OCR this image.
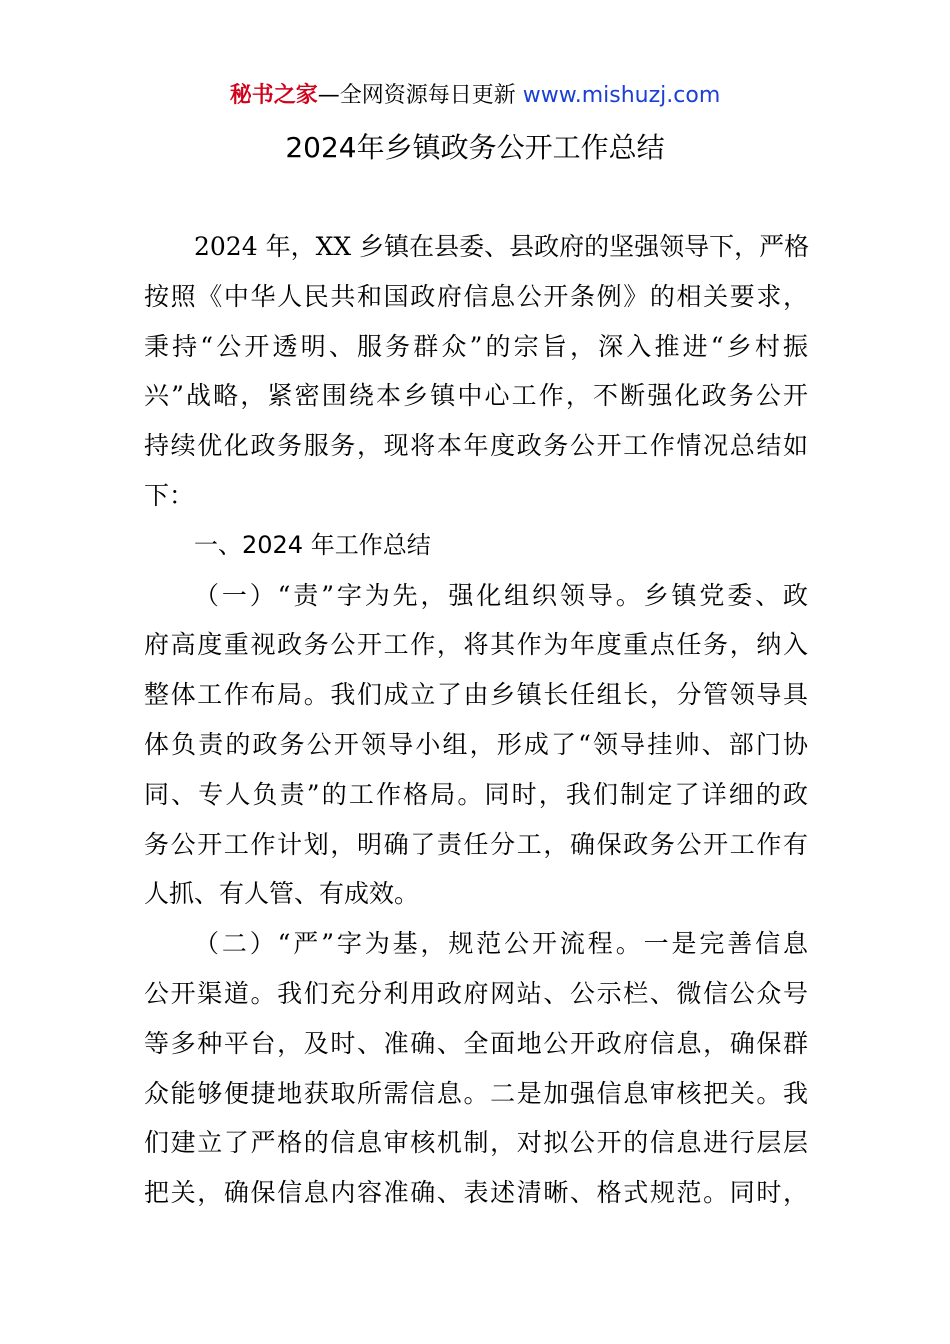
秘书之家—全网资源每日更新 www.mishuzj.com
2024年乡镇政务公开工作总结
2024 年，XX 乡镇在县委、县政府的坚强领导下，严格
按照《中华人民共和国政府信息公开条例》的相关要求，
秉持“公开透明、服务群众”的宗旨，深入推进“乡村振
兴”战略，紧密围绕本乡镇中心工作，不断强化政务公开
持续优化政务服务，现将本年度政务公开工作情况总结如
下：
一、2024 年工作总结
（一）“责”字为先，强化组织领导。乡镇党委、政
府高度重视政务公开工作，将其作为年度重点任务，纳入
整体工作布局。我们成立了由乡镇长任组长，分管领导具
体负责的政务公开领导小组，形成了“领导挂帅、部门协
同、专人负责”的工作格局。同时，我们制定了详细的政
务公开工作计划，明确了责任分工，确保政务公开工作有
人抓、有人管、有成效。
（二）“严”字为基，规范公开流程。一是完善信息
公开渠道。我们充分利用政府网站、公示栏、微信公众号
等多种平台，及时、准确、全面地公开政府信息，确保群
众能够便捷地获取所需信息。二是加强信息审核把关。我
们建立了严格的信息审核机制，对拟公开的信息进行层层
把关，确保信息内容准确、表述清晰、格式规范。同时，
